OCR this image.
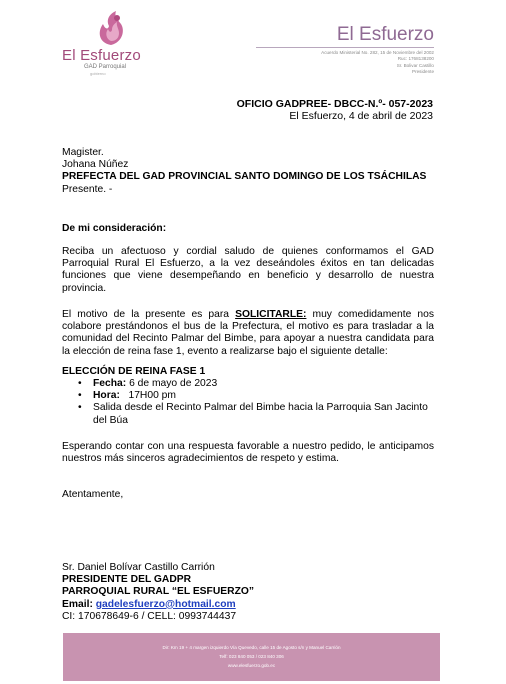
El Esfuerzo
GAD Parroquial
gobierno
El Esfuerzo
Acuerdo Ministerial No. 282, 15 de Noviembre del 2002
Ruc: 1768138200
Sr. Bolivar Castillo
Presidente
OFICIO GADPREE- DBCC-N.º- 057-2023
El Esfuerzo, 4 de abril de 2023
Magister.
Johana Núñez
PREFECTA DEL GAD PROVINCIAL SANTO DOMINGO DE LOS TSÁCHILAS
Presente. -
De mi consideración:
Reciba un afectuoso y cordial saludo de quienes conformamos el GAD Parroquial Rural El Esfuerzo, a la vez deseándoles éxitos en tan delicadas funciones que viene desempeñando en beneficio y desarrollo de nuestra provincia.
El motivo de la presente es para SOLICITARLE: muy comedidamente nos colabore prestándonos el bus de la Prefectura, el motivo es para trasladar a la comunidad del Recinto Palmar del Bimbe, para apoyar a nuestra candidata para la elección de reina fase 1, evento a realizarse bajo el siguiente detalle:
ELECCIÓN DE REINA FASE 1
• Fecha: 6 de mayo de 2023
• Hora:   17H00 pm
• Salida desde el Recinto Palmar del Bimbe hacia la Parroquia San Jacinto del Búa
Esperando contar con una respuesta favorable a nuestro pedido, le anticipamos nuestros más sinceros agradecimientos de respeto y estima.
Atentamente,
Sr. Daniel Bolívar Castillo Carrión
PRESIDENTE DEL GADPR
PARROQUIAL RURAL “EL ESFUERZO”
Email: gadelesfuerzo@hotmail.com
CI: 170678649-6 / CELL: 0993744437
Dir: Km 19 + 4 margen izquierdo Vía Quevedo, calle 15 de Agosto s/n y Manuel Carrión
Telf: 023 840 053 / 023 840 306
www.elesfuerzo.gob.ec
